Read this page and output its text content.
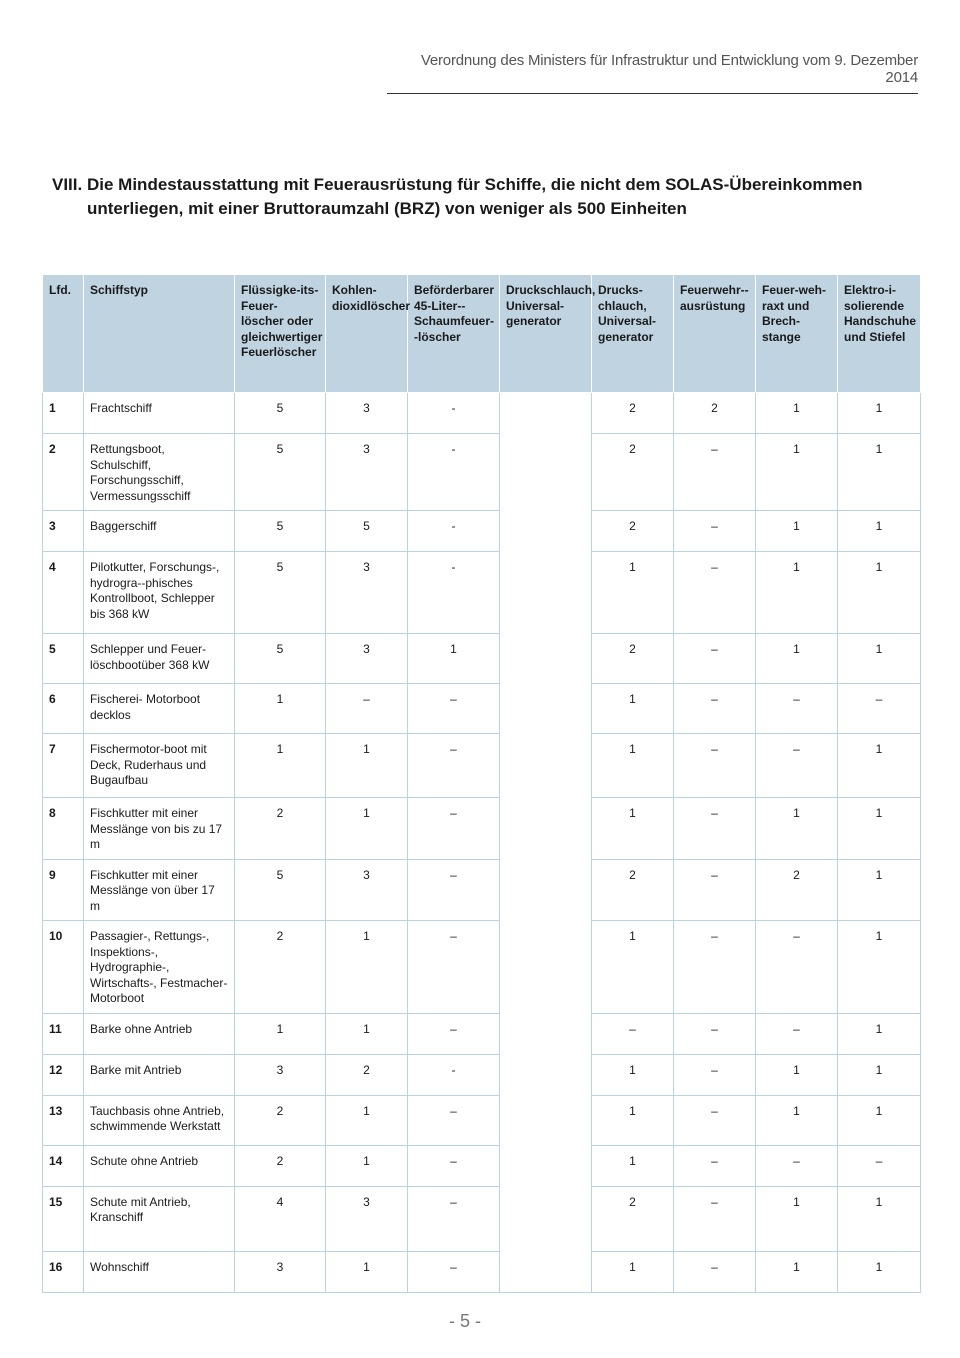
Verordnung des Ministers für Infrastruktur und Entwicklung vom 9. Dezember 2014
VIII. Die Mindestausstattung mit Feuerausrüstung für Schiffe, die nicht dem SOLAS-Übereinkommen unterliegen, mit einer Bruttoraumzahl (BRZ) von weniger als 500 Einheiten
Lfd.	Schiffstyp	Flüssigke-its-Feuer-löscher oder gleichwertiger Feuerlöscher	Kohlen-dioxidlöscher	Beförderbarer 45-Liter--Schaumfeuer--löscher	Druckschlauch, Universal-generator	Drucks-chlauch, Universal-generator	Feuerwehr--ausrüstung	Feuer-weh-raxt und Brech-stange	Elektro-i-solierende Handschuhe und Stiefel
1	Frachtschiff	5	3	-		2	2	1	1
2	Rettungsboot, Schulschiff, Forschungsschiff, Vermessungsschiff	5	3	-		2	–	1	1
3	Baggerschiff	5	5	-		2	–	1	1
4	Pilotkutter, Forschungs-, hydrogra--phisches Kontrollboot, Schlepper bis 368 kW	5	3	-		1	–	1	1
5	Schlepper und Feuer-löschbootüber 368 kW	5	3	1		2	–	1	1
6	Fischerei- Motorboot decklos	1	–	–		1	–	–	–
7	Fischermotor-boot mit Deck, Ruderhaus und Bugaufbau	1	1	–		1	–	–	1
8	Fischkutter mit einer Messlänge von bis zu 17 m	2	1	–		1	–	1	1
9	Fischkutter mit einer Messlänge von über 17 m	5	3	–		2	–	2	1
10	Passagier-, Rettungs-, Inspektions-, Hydrographie-, Wirtschafts-, Festmacher-Motorboot	2	1	–		1	–	–	1
11	Barke ohne Antrieb	1	1	–		–	–	–	1
12	Barke mit Antrieb	3	2	-		1	–	1	1
13	Tauchbasis ohne Antrieb, schwimmende Werkstatt	2	1	–		1	–	1	1
14	Schute ohne Antrieb	2	1	–		1	–	–	–
15	Schute mit Antrieb, Kranschiff	4	3	–		2	–	1	1
16	Wohnschiff	3	1	–		1	–	1	1
- 5 -
